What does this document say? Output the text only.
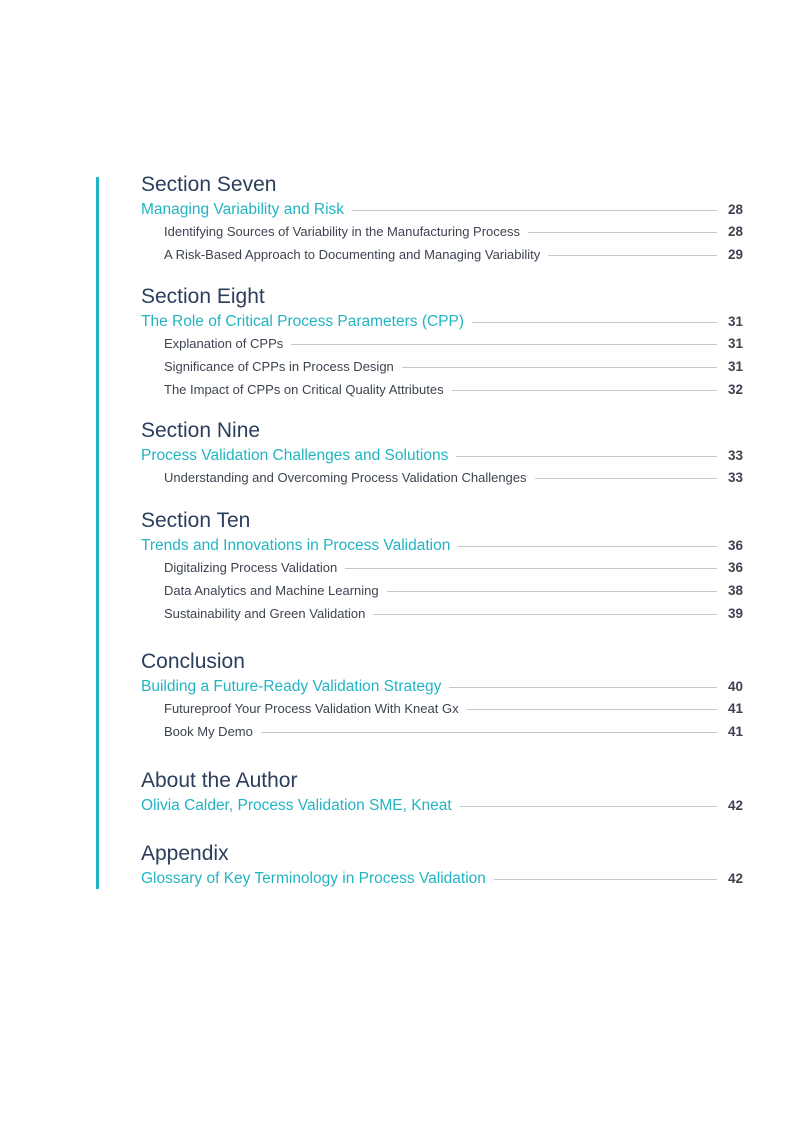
Section Seven
Managing Variability and Risk	28
Identifying Sources of Variability in the Manufacturing Process	28
A Risk-Based Approach to Documenting and Managing Variability	29
Section Eight
The Role of Critical Process Parameters (CPP)	31
Explanation of CPPs	31
Significance of CPPs in Process Design	31
The Impact of CPPs on Critical Quality Attributes	32
Section Nine
Process Validation Challenges and Solutions	33
Understanding and Overcoming Process Validation Challenges	33
Section Ten
Trends and Innovations in Process Validation	36
Digitalizing Process Validation	36
Data Analytics and Machine Learning	38
Sustainability and Green Validation	39
Conclusion
Building a Future-Ready Validation Strategy	40
Futureproof Your Process Validation With Kneat Gx	41
Book My Demo	41
About the Author
Olivia Calder, Process Validation SME, Kneat	42
Appendix
Glossary of Key Terminology in Process Validation	42
